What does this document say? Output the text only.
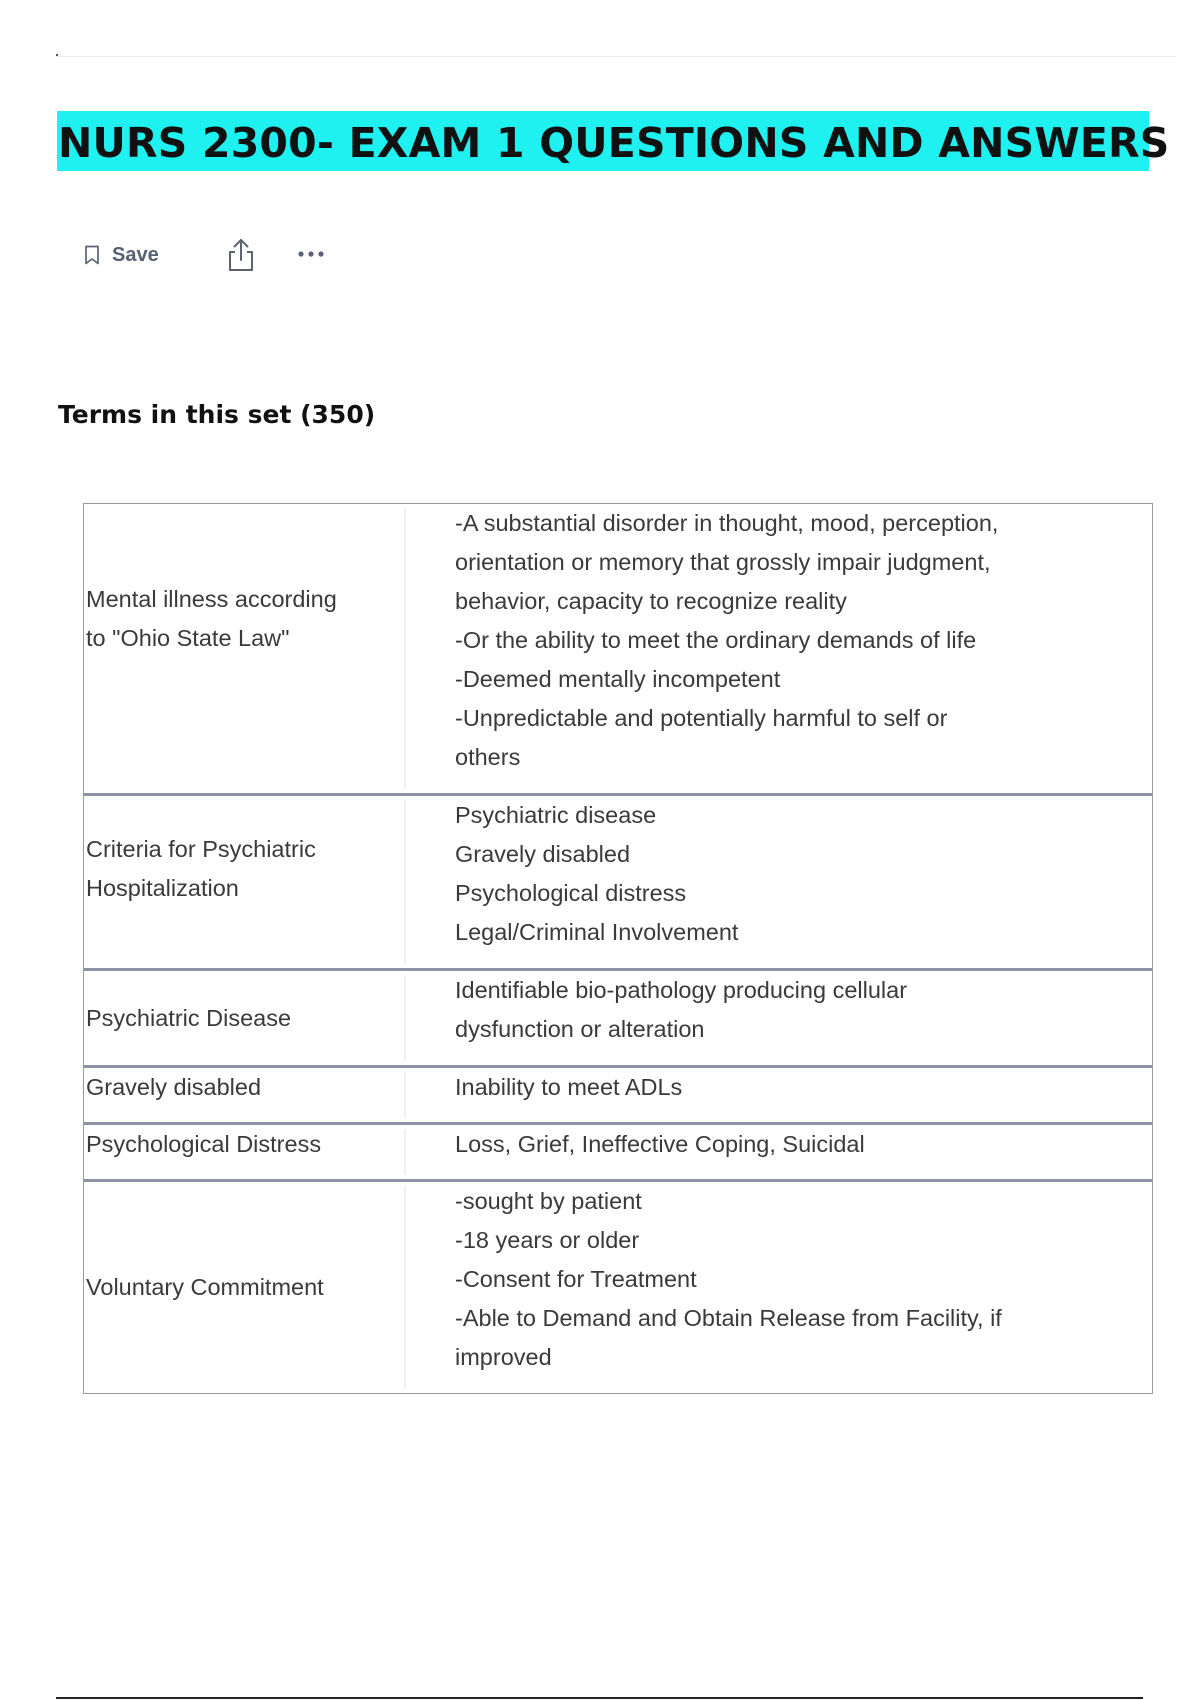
NURS 2300- EXAM 1 QUESTIONS AND ANSWERS
Save
Terms in this set (350)
Mental illness according
to "Ohio State Law"
-A substantial disorder in thought, mood, perception,
orientation or memory that grossly impair judgment,
behavior, capacity to recognize reality
-Or the ability to meet the ordinary demands of life
-Deemed mentally incompetent
-Unpredictable and potentially harmful to self or
others
Criteria for Psychiatric
Hospitalization
Psychiatric disease
Gravely disabled
Psychological distress
Legal/Criminal Involvement
Psychiatric Disease
Identifiable bio-pathology producing cellular
dysfunction or alteration
Gravely disabled	Inability to meet ADLs
Psychological Distress	Loss, Grief, Ineffective Coping, Suicidal
Voluntary Commitment
-sought by patient
-18 years or older
-Consent for Treatment
-Able to Demand and Obtain Release from Facility, if
improved
